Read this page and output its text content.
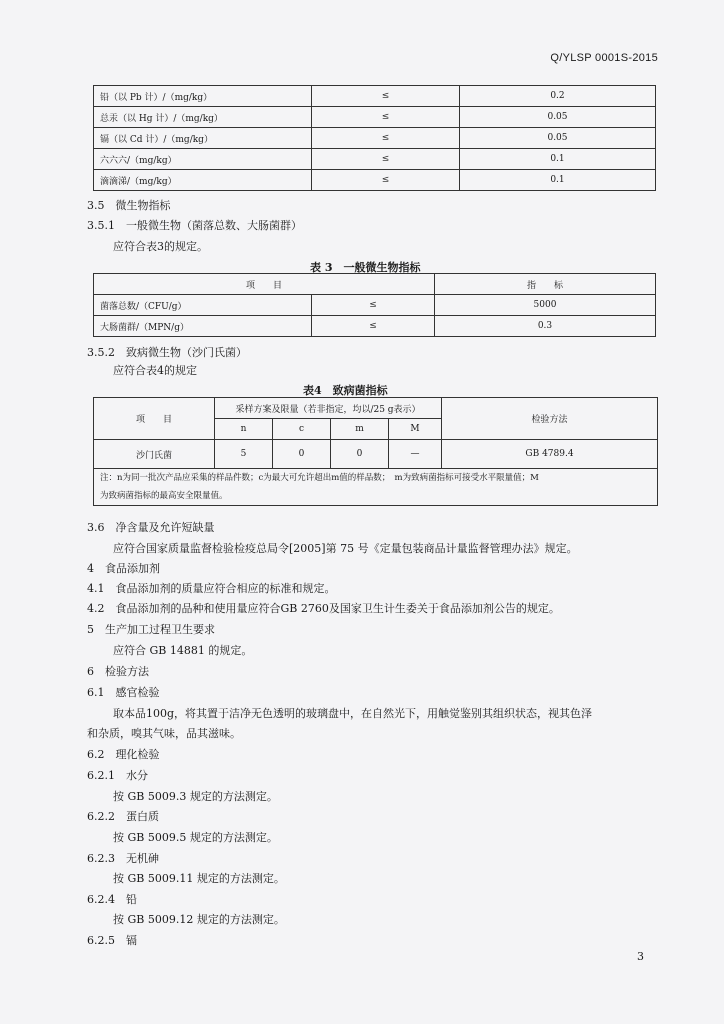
Q/YLSP 0001S-2015
铅（以 Pb 计）/（mg/kg）	≤	0.2
总汞（以 Hg 计）/（mg/kg）	≤	0.05
镉（以 Cd 计）/（mg/kg）	≤	0.05
六六六/（mg/kg）	≤	0.1
滴滴涕/（mg/kg）	≤	0.1
3.5　微生物指标
3.5.1　一般微生物（菌落总数、大肠菌群）
应符合表3的规定。
表 3　一般微生物指标
项　　目		指　　标
菌落总数/（CFU/g）	≤	5000
大肠菌群/（MPN/g）	≤	0.3
3.5.2　致病微生物（沙门氏菌）
应符合表4的规定
表4　致病菌指标
项　　目	采样方案及限量（若非指定，均以/25 g表示）				检验方法
	n	c	m	M	
沙门氏菌	5	0	0	—	GB 4789.4

注：n为同一批次产品应采集的样品件数；c为最大可允许超出m值的样品数；　m为致病菌指标可接受水平限量值；M
为致病菌指标的最高安全限量值。					
3.6　净含量及允许短缺量
应符合国家质量监督检验检疫总局令[2005]第 75 号《定量包装商品计量监督管理办法》规定。
4　食品添加剂
4.1　食品添加剂的质量应符合相应的标准和规定。
4.2　食品添加剂的品种和使用量应符合GB 2760及国家卫生计生委关于食品添加剂公告的规定。
5　生产加工过程卫生要求
应符合 GB 14881 的规定。
6　检验方法
6.1　感官检验
取本品100g，将其置于洁净无色透明的玻璃盘中，在自然光下，用触觉鉴别其组织状态，视其色泽
和杂质，嗅其气味，品其滋味。
6.2　理化检验
6.2.1　水分
按 GB 5009.3 规定的方法测定。
6.2.2　蛋白质
按 GB 5009.5 规定的方法测定。
6.2.3　无机砷
按 GB 5009.11 规定的方法测定。
6.2.4　铅
按 GB 5009.12 规定的方法测定。
6.2.5　镉
3
